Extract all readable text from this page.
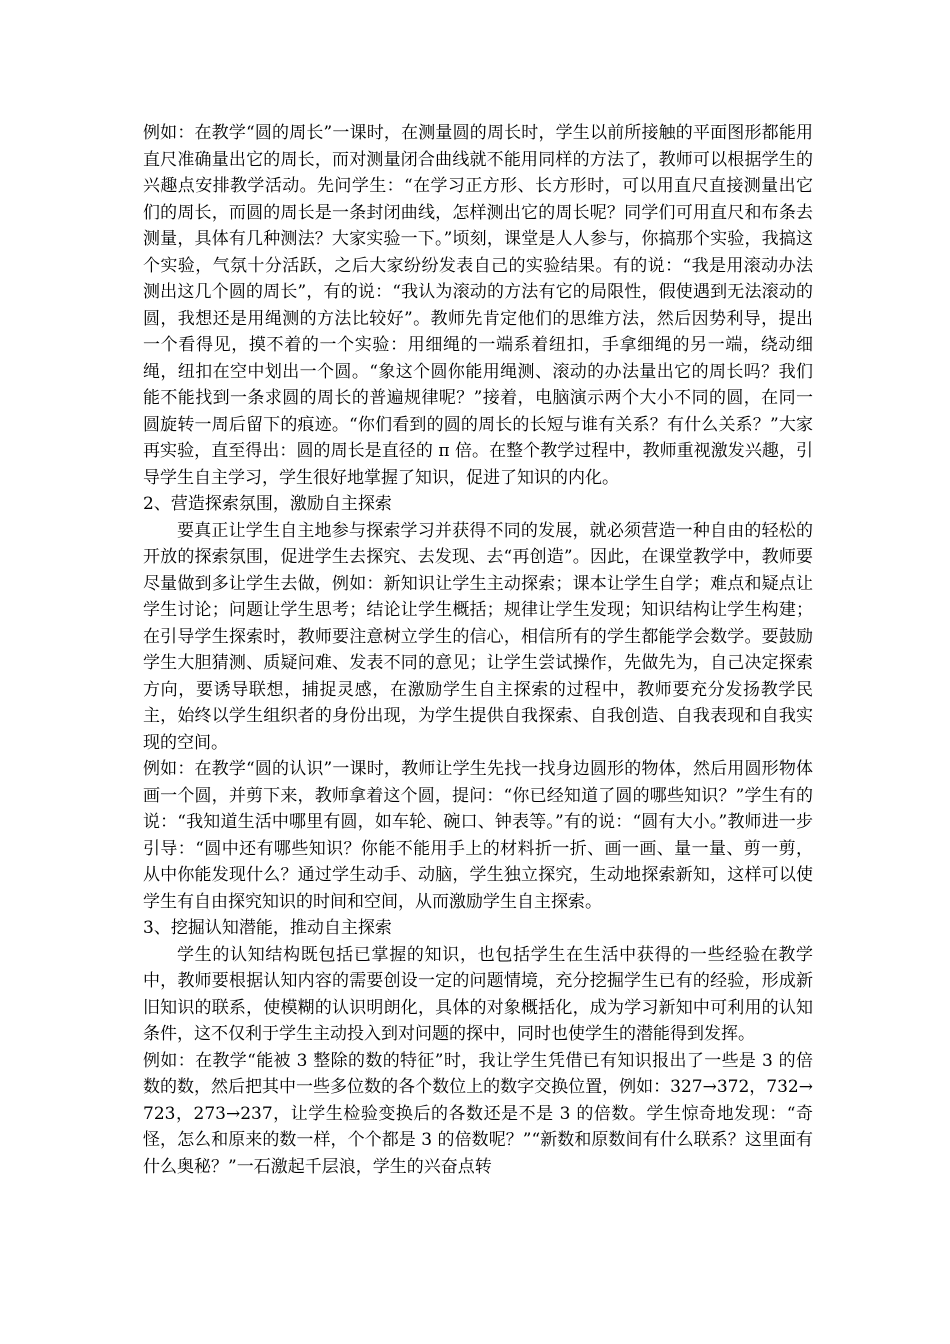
例如：在教学“圆的周长”一课时，在测量圆的周长时，学生以前所接触的平面图形都能用直尺准确量出它的周长，而对测量闭合曲线就不能用同样的方法了，教师可以根据学生的兴趣点安排教学活动。先问学生：“在学习正方形、长方形时，可以用直尺直接测量出它们的周长，而圆的周长是一条封闭曲线，怎样测出它的周长呢？同学们可用直尺和布条去测量，具体有几种测法？大家实验一下。”顷刻，课堂是人人参与，你搞那个实验，我搞这个实验，气氛十分活跃，之后大家纷纷发表自己的实验结果。有的说：“我是用滚动办法测出这几个圆的周长”，有的说：“我认为滚动的方法有它的局限性，假使遇到无法滚动的圆，我想还是用绳测的方法比较好”。教师先肯定他们的思维方法，然后因势利导，提出一个看得见，摸不着的一个实验：用细绳的一端系着纽扣，手拿细绳的另一端，绕动细绳，纽扣在空中划出一个圆。“象这个圆你能用绳测、滚动的办法量出它的周长吗？我们能不能找到一条求圆的周长的普遍规律呢？”接着，电脑演示两个大小不同的圆，在同一圆旋转一周后留下的痕迹。“你们看到的圆的周长的长短与谁有关系？有什么关系？”大家再实验，直至得出：圆的周长是直径的 π 倍。在整个教学过程中，教师重视激发兴趣，引导学生自主学习，学生很好地掌握了知识，促进了知识的内化。

2、营造探索氛围，激励自主探索

要真正让学生自主地参与探索学习并获得不同的发展，就必须营造一种自由的轻松的开放的探索氛围，促进学生去探究、去发现、去“再创造”。因此，在课堂教学中，教师要尽量做到多让学生去做，例如：新知识让学生主动探索；课本让学生自学；难点和疑点让学生讨论；问题让学生思考；结论让学生概括；规律让学生发现；知识结构让学生构建；在引导学生探索时，教师要注意树立学生的信心，相信所有的学生都能学会数学。要鼓励学生大胆猜测、质疑问难、发表不同的意见；让学生尝试操作，先做先为，自己决定探索方向，要诱导联想，捕捉灵感，在激励学生自主探索的过程中，教师要充分发扬教学民主，始终以学生组织者的身份出现，为学生提供自我探索、自我创造、自我表现和自我实现的空间。

例如：在教学“圆的认识”一课时，教师让学生先找一找身边圆形的物体，然后用圆形物体画一个圆，并剪下来，教师拿着这个圆，提问：“你已经知道了圆的哪些知识？”学生有的说：“我知道生活中哪里有圆，如车轮、碗口、钟表等。”有的说：“圆有大小。”教师进一步引导：“圆中还有哪些知识？你能不能用手上的材料折一折、画一画、量一量、剪一剪，从中你能发现什么？通过学生动手、动脑，学生独立探究，生动地探索新知，这样可以使学生有自由探究知识的时间和空间，从而激励学生自主探索。

3、挖掘认知潜能，推动自主探索

学生的认知结构既包括已掌握的知识，也包括学生在生活中获得的一些经验在教学中，教师要根据认知内容的需要创设一定的问题情境，充分挖掘学生已有的经验，形成新旧知识的联系，使模糊的认识明朗化，具体的对象概括化，成为学习新知中可利用的认知条件，这不仅利于学生主动投入到对问题的探中，同时也使学生的潜能得到发挥。

例如：在教学“能被 3 整除的数的特征”时，我让学生凭借已有知识报出了一些是 3 的倍数的数，然后把其中一些多位数的各个数位上的数字交换位置，例如：327→372，732→723，273→237，让学生检验变换后的各数还是不是 3 的倍数。学生惊奇地发现：“奇怪，怎么和原来的数一样，个个都是 3 的倍数呢？”“新数和原数间有什么联系？这里面有什么奥秘？”一石激起千层浪，学生的兴奋点转
